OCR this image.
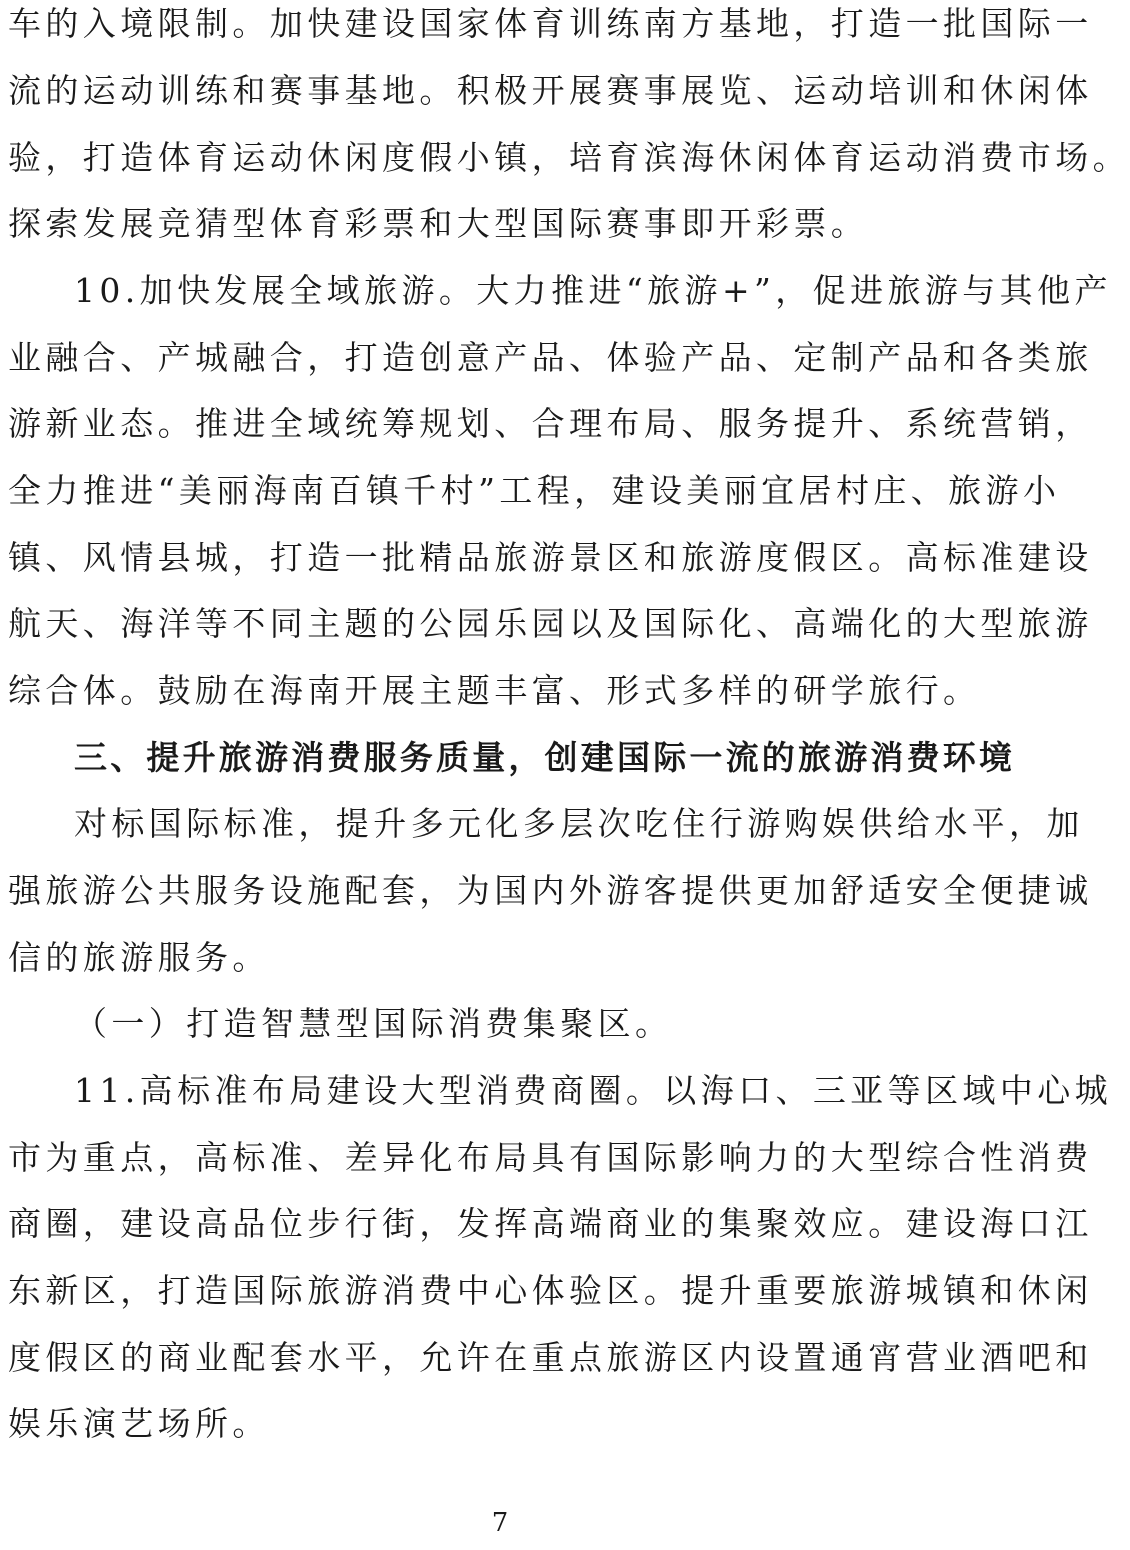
车的入境限制。加快建设国家体育训练南方基地，打造一批国际一
流的运动训练和赛事基地。积极开展赛事展览、运动培训和休闲体
验，打造体育运动休闲度假小镇，培育滨海休闲体育运动消费市场。
探索发展竞猜型体育彩票和大型国际赛事即开彩票。
10.加快发展全域旅游。大力推进“旅游+”，促进旅游与其他产
业融合、产城融合，打造创意产品、体验产品、定制产品和各类旅
游新业态。推进全域统筹规划、合理布局、服务提升、系统营销，
全力推进“美丽海南百镇千村”工程，建设美丽宜居村庄、旅游小
镇、风情县城，打造一批精品旅游景区和旅游度假区。高标准建设
航天、海洋等不同主题的公园乐园以及国际化、高端化的大型旅游
综合体。鼓励在海南开展主题丰富、形式多样的研学旅行。
三、提升旅游消费服务质量，创建国际一流的旅游消费环境
对标国际标准，提升多元化多层次吃住行游购娱供给水平，加
强旅游公共服务设施配套，为国内外游客提供更加舒适安全便捷诚
信的旅游服务。
（一）打造智慧型国际消费集聚区。
11.高标准布局建设大型消费商圈。以海口、三亚等区域中心城
市为重点，高标准、差异化布局具有国际影响力的大型综合性消费
商圈，建设高品位步行街，发挥高端商业的集聚效应。建设海口江
东新区，打造国际旅游消费中心体验区。提升重要旅游城镇和休闲
度假区的商业配套水平，允许在重点旅游区内设置通宵营业酒吧和
娱乐演艺场所。
7
